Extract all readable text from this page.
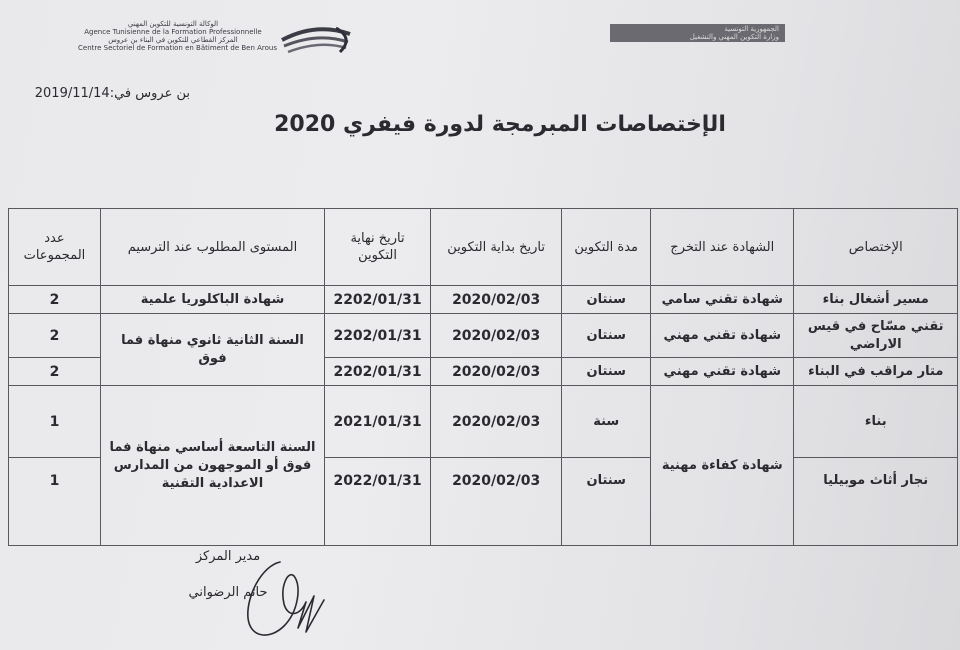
الوكالة التونسية للتكوين المهني
Agence Tunisienne de la Formation Professionnelle
المركز القطاعي للتكوين في البناء بن عروس
Centre Sectoriel de Formation en Bâtiment de Ben Arous
الجمهورية التونسية
وزارة التكوين المهني والتشغيل
بن عروس في:2019/11/14
الإختصاصات المبرمجة لدورة فيفري 2020
الإختصاص	الشهادة عند التخرج	مدة التكوين	تاريخ بداية التكوين	تاريخ نهاية التكوين	المستوى المطلوب عند الترسيم	عدد المجموعات
مسير أشغال بناء	شهادة تقني سامي	سنتان	2020/02/03	2202/01/31	شهادة الباكلوريا علمية	2
تقني مسّاح في قيس الاراضي	شهادة تقني مهني	سنتان	2020/02/03	2202/01/31	السنة الثانية ثانوي منهاة فما فوق	2
متار مراقب في البناء	شهادة تقني مهني	سنتان	2020/02/03	2202/01/31		2
بناء	شهادة كفاءة مهنية	سنة	2020/02/03	2021/01/31	السنة التاسعة أساسي منهاة فما فوق أو الموجهون من المدارس الاعدادية التقنية	1
نجار أثاث موبيليا		سنتان	2020/02/03	2022/01/31		1
مدير المركز
حاتم الرضواني
